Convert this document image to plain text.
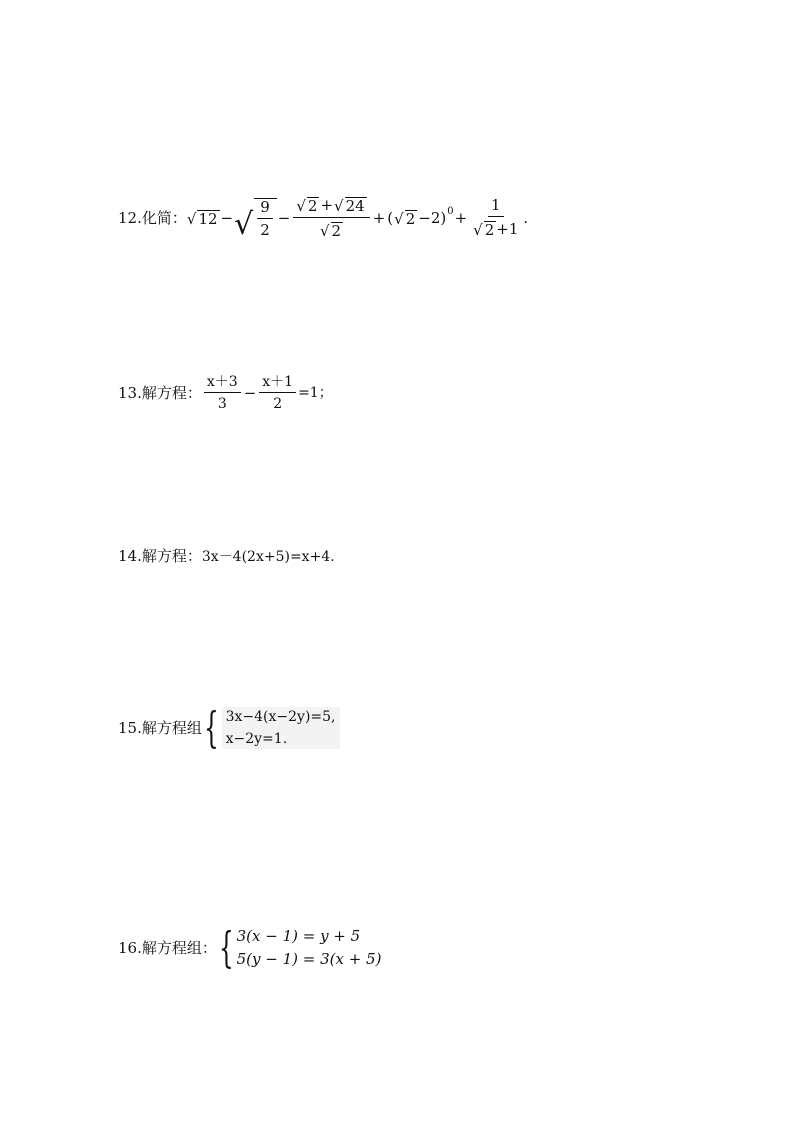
12. 化简： √ 12 − √ $\frac{9}{2} - \frac{√ 2 + √ 24}{√ 2}$ + ( √ 2 −2) $0 + \frac{1}{√ 2 +1}$ .
13. 解方程： $\frac{x+3}{3} - \frac{x+1}{2} =1$；
14. 解方程： 3x－4(2x+5)=x+4.
15. 解方程组 { 3x−4(x−2y)=5,
x−2y=1.
16. 解方程组： { 3(x − 1) = y + 5
5(y − 1) = 3(x + 5)
